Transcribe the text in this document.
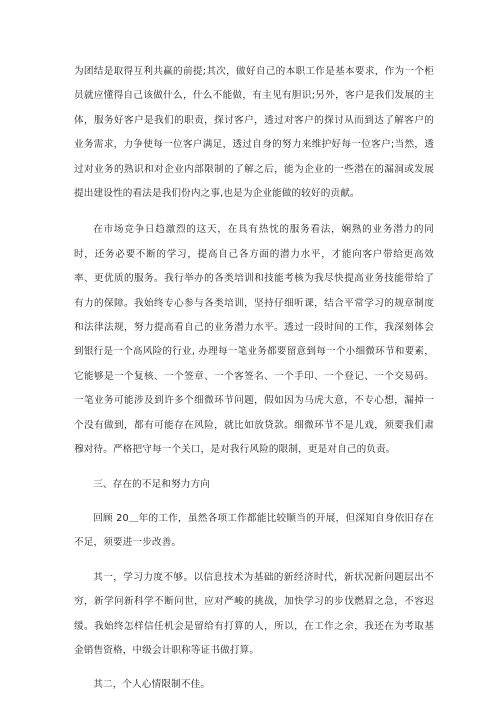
为团结是取得互利共赢的前提;其次，做好自己的本职工作是基本要求，作为一个柜员就应懂得自己该做什么，什么不能做，有主见有胆识;另外，客户是我们发展的主体，服务好客户是我们的职责，探讨客户，透过对客户的探讨从而到达了解客户的业务需求，力争使每一位客户满足，透过自身的努力来维护好每一位客户;当然，透过对业务的熟识和对企业内部限制的了解之后，能为企业的一些潜在的漏洞或发展提出建设性的看法是我们份内之事,也是为企业能做的较好的贡献。

在市场竞争日趋激烈的这天，在具有热忱的服务看法，娴熟的业务潜力的同时，还务必要不断的学习，提高自己各方面的潜力水平，才能向客户带给更高效率、更优质的服务。我行举办的各类培训和技能考核为我尽快提高业务技能带给了有力的保障。我始终专心参与各类培训，坚持仔细听课，结合平常学习的规章制度和法律法规，努力提高看自己的业务潜力水平。透过一段时间的工作，我深刻体会到银行是一个高风险的行业, 办理每一笔业务都要留意到每一个小细微环节和要素，它能够是一个复核、一个签章、一个客签名、一个手印、一个登记、一个交易码。一笔业务可能涉及到许多个细微环节问题，假如因为马虎大意，不专心想，漏掉一个没有做到，都有可能存在风险，就比如放贷款。细微环节不是儿戏，须要我们肃穆对待。严格把守每一个关口，是对我行风险的限制，更是对自己的负责。

三、存在的不足和努力方向

回顾 20＿年的工作，虽然各项工作都能比较顺当的开展，但深知自身依旧存在不足，须要进一步改善。

其一，学习力度不够。以信息技术为基础的新经济时代，新状况新问题层出不穷，新学问新科学不断问世，应对严峻的挑战，加快学习的步伐燃眉之急，不容迟缓。我始终怎样信任机会是留给有打算的人，所以，在工作之余，我还在为考取基金销售资格，中级会计职称等证书做打算。

其二，个人心情限制不佳。
